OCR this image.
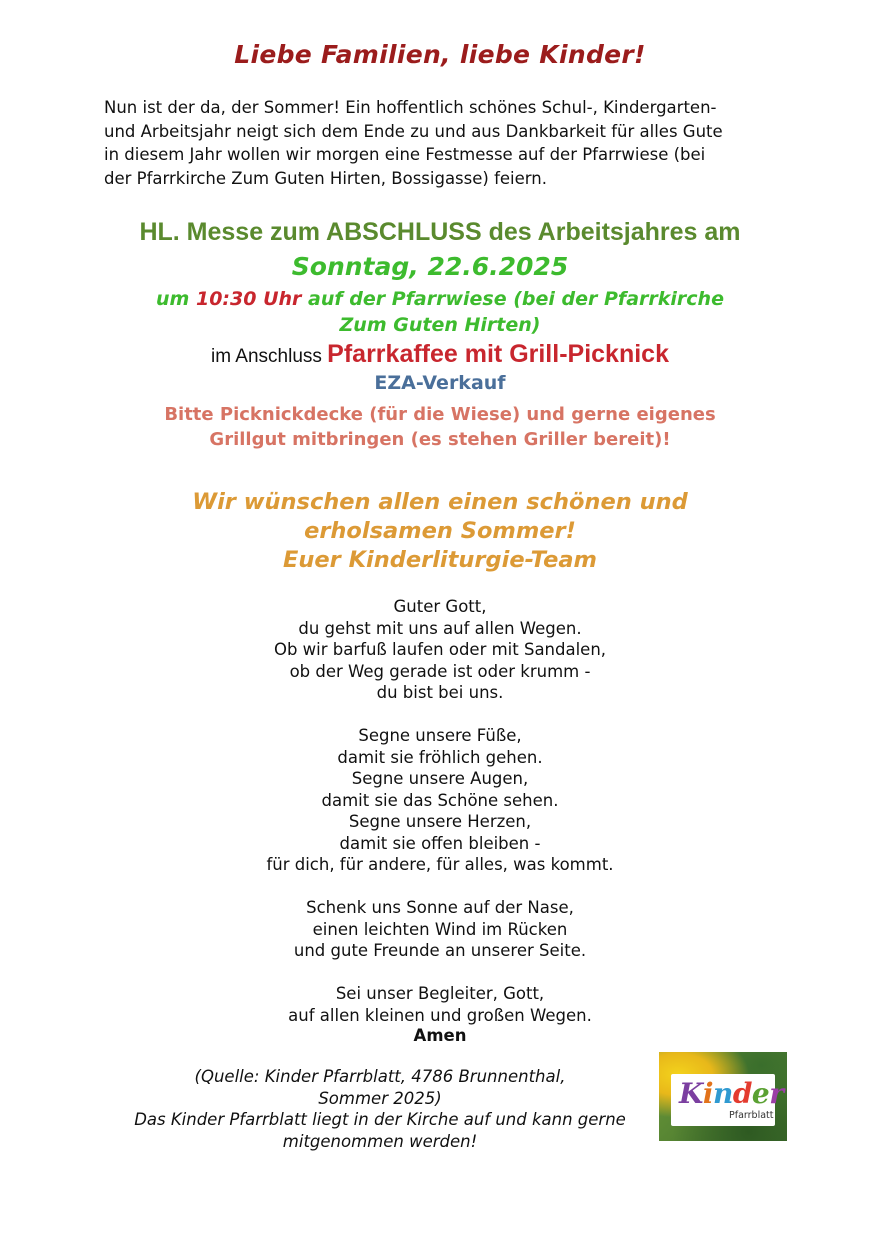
Liebe Familien, liebe Kinder!
Nun ist der da, der Sommer! Ein hoffentlich schönes Schul-, Kindergarten-
und Arbeitsjahr neigt sich dem Ende zu und aus Dankbarkeit für alles Gute
in diesem Jahr wollen wir morgen eine Festmesse auf der Pfarrwiese (bei
der Pfarrkirche Zum Guten Hirten, Bossigasse) feiern.
HL. Messe zum ABSCHLUSS des Arbeitsjahres am
Sonntag, 22.6.2025
um 10:30 Uhr auf der Pfarrwiese (bei der Pfarrkirche
Zum Guten Hirten)
im Anschluss Pfarrkaffee mit Grill-Picknick
EZA-Verkauf
Bitte Picknickdecke (für die Wiese) und gerne eigenes
Grillgut mitbringen (es stehen Griller bereit)!
Wir wünschen allen einen schönen und
erholsamen Sommer!
Euer Kinderliturgie-Team
Guter Gott,
du gehst mit uns auf allen Wegen.
Ob wir barfuß laufen oder mit Sandalen,
ob der Weg gerade ist oder krumm -
du bist bei uns.
Segne unsere Füße,
damit sie fröhlich gehen.
Segne unsere Augen,
damit sie das Schöne sehen.
Segne unsere Herzen,
damit sie offen bleiben -
für dich, für andere, für alles, was kommt.
Schenk uns Sonne auf der Nase,
einen leichten Wind im Rücken
und gute Freunde an unserer Seite.
Sei unser Begleiter, Gott,
auf allen kleinen und großen Wegen.
Amen
(Quelle: Kinder Pfarrblatt, 4786 Brunnenthal,
Sommer 2025)
Das Kinder Pfarrblatt liegt in der Kirche auf und kann gerne
mitgenommen werden!
Kinder
Pfarrblatt
